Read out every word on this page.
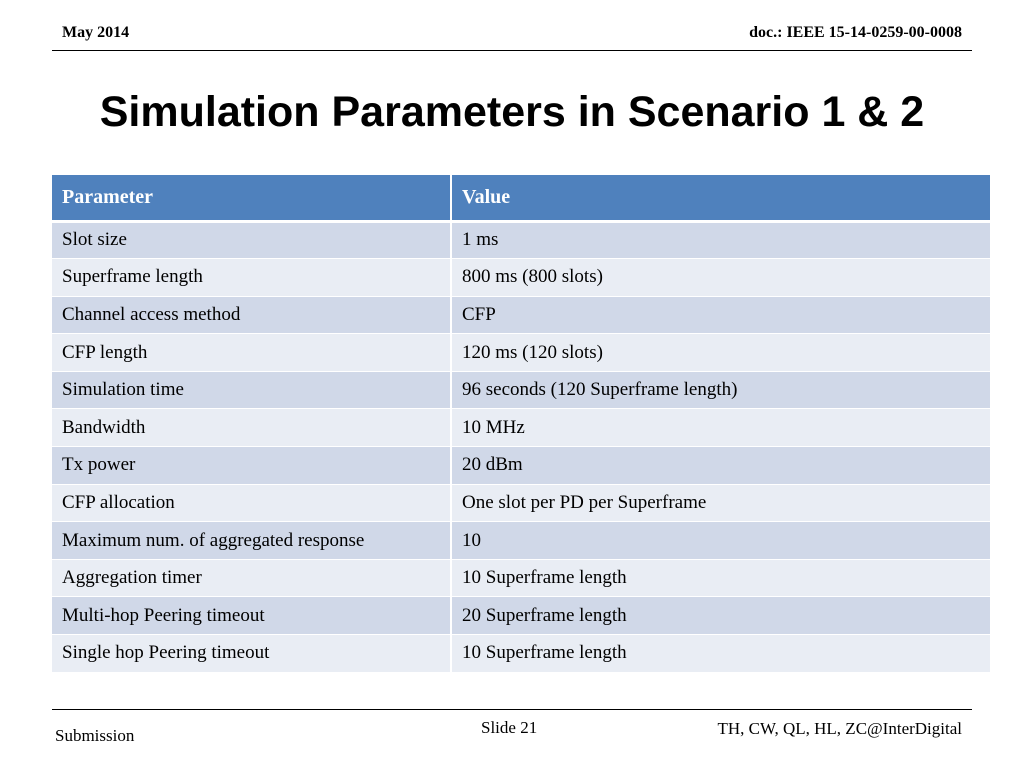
May 2014	doc.: IEEE 15-14-0259-00-0008
Simulation Parameters in Scenario 1 & 2
Parameter	Value
Slot size	1 ms
Superframe length	800 ms (800 slots)
Channel access method	CFP
CFP length	120 ms (120 slots)
Simulation time	96 seconds (120 Superframe length)
Bandwidth	10 MHz
Tx power	20 dBm
CFP allocation	One slot per PD per Superframe
Maximum num. of aggregated response	10
Aggregation timer	10 Superframe length
Multi-hop Peering timeout	20 Superframe length
Single hop Peering timeout	10 Superframe length
Submission	Slide 21	TH, CW, QL, HL, ZC@InterDigital
